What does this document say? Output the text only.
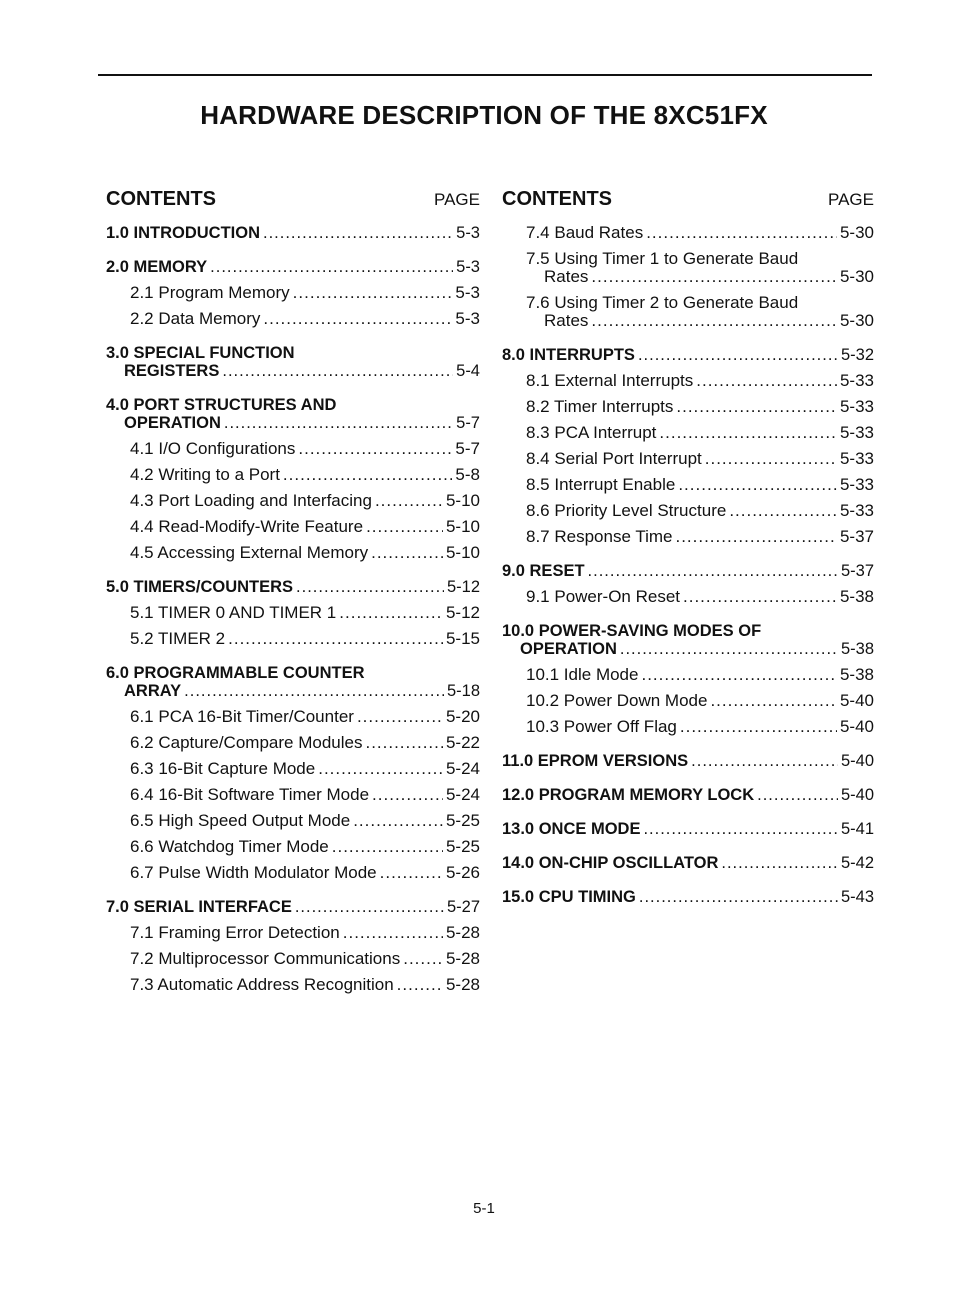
HARDWARE DESCRIPTION OF THE 8XC51FX
CONTENTS	PAGE
1.0 INTRODUCTION .....	5-3
2.0 MEMORY .....	5-3
2.1 Program Memory .....	5-3
2.2 Data Memory .....	5-3
3.0 SPECIAL FUNCTION
REGISTERS .....	5-4
4.0 PORT STRUCTURES AND
OPERATION .....	5-7
4.1 I/O Configurations .....	5-7
4.2 Writing to a Port .....	5-8
4.3 Port Loading and Interfacing .....	5-10
4.4 Read-Modify-Write Feature .....	5-10
4.5 Accessing External Memory .....	5-10
5.0 TIMERS/COUNTERS .....	5-12
5.1 TIMER 0 AND TIMER 1 .....	5-12
5.2 TIMER 2 .....	5-15
6.0 PROGRAMMABLE COUNTER
ARRAY .....	5-18
6.1 PCA 16-Bit Timer/Counter .....	5-20
6.2 Capture/Compare Modules .....	5-22
6.3 16-Bit Capture Mode .....	5-24
6.4 16-Bit Software Timer Mode .....	5-24
6.5 High Speed Output Mode .....	5-25
6.6 Watchdog Timer Mode .....	5-25
6.7 Pulse Width Modulator Mode .....	5-26
7.0 SERIAL INTERFACE .....	5-27
7.1 Framing Error Detection .....	5-28
7.2 Multiprocessor Communications .....	5-28
7.3 Automatic Address Recognition .....	5-28
CONTENTS	PAGE
7.4 Baud Rates .....	5-30
7.5 Using Timer 1 to Generate Baud
Rates .....	5-30
7.6 Using Timer 2 to Generate Baud
Rates .....	5-30
8.0 INTERRUPTS .....	5-32
8.1 External Interrupts .....	5-33
8.2 Timer Interrupts .....	5-33
8.3 PCA Interrupt .....	5-33
8.4 Serial Port Interrupt .....	5-33
8.5 Interrupt Enable .....	5-33
8.6 Priority Level Structure .....	5-33
8.7 Response Time .....	5-37
9.0 RESET .....	5-37
9.1 Power-On Reset .....	5-38
10.0 POWER-SAVING MODES OF
OPERATION .....	5-38
10.1 Idle Mode .....	5-38
10.2 Power Down Mode .....	5-40
10.3 Power Off Flag .....	5-40
11.0 EPROM VERSIONS .....	5-40
12.0 PROGRAM MEMORY LOCK .....	5-40
13.0 ONCE MODE .....	5-41
14.0 ON-CHIP OSCILLATOR .....	5-42
15.0 CPU TIMING .....	5-43
5-1
